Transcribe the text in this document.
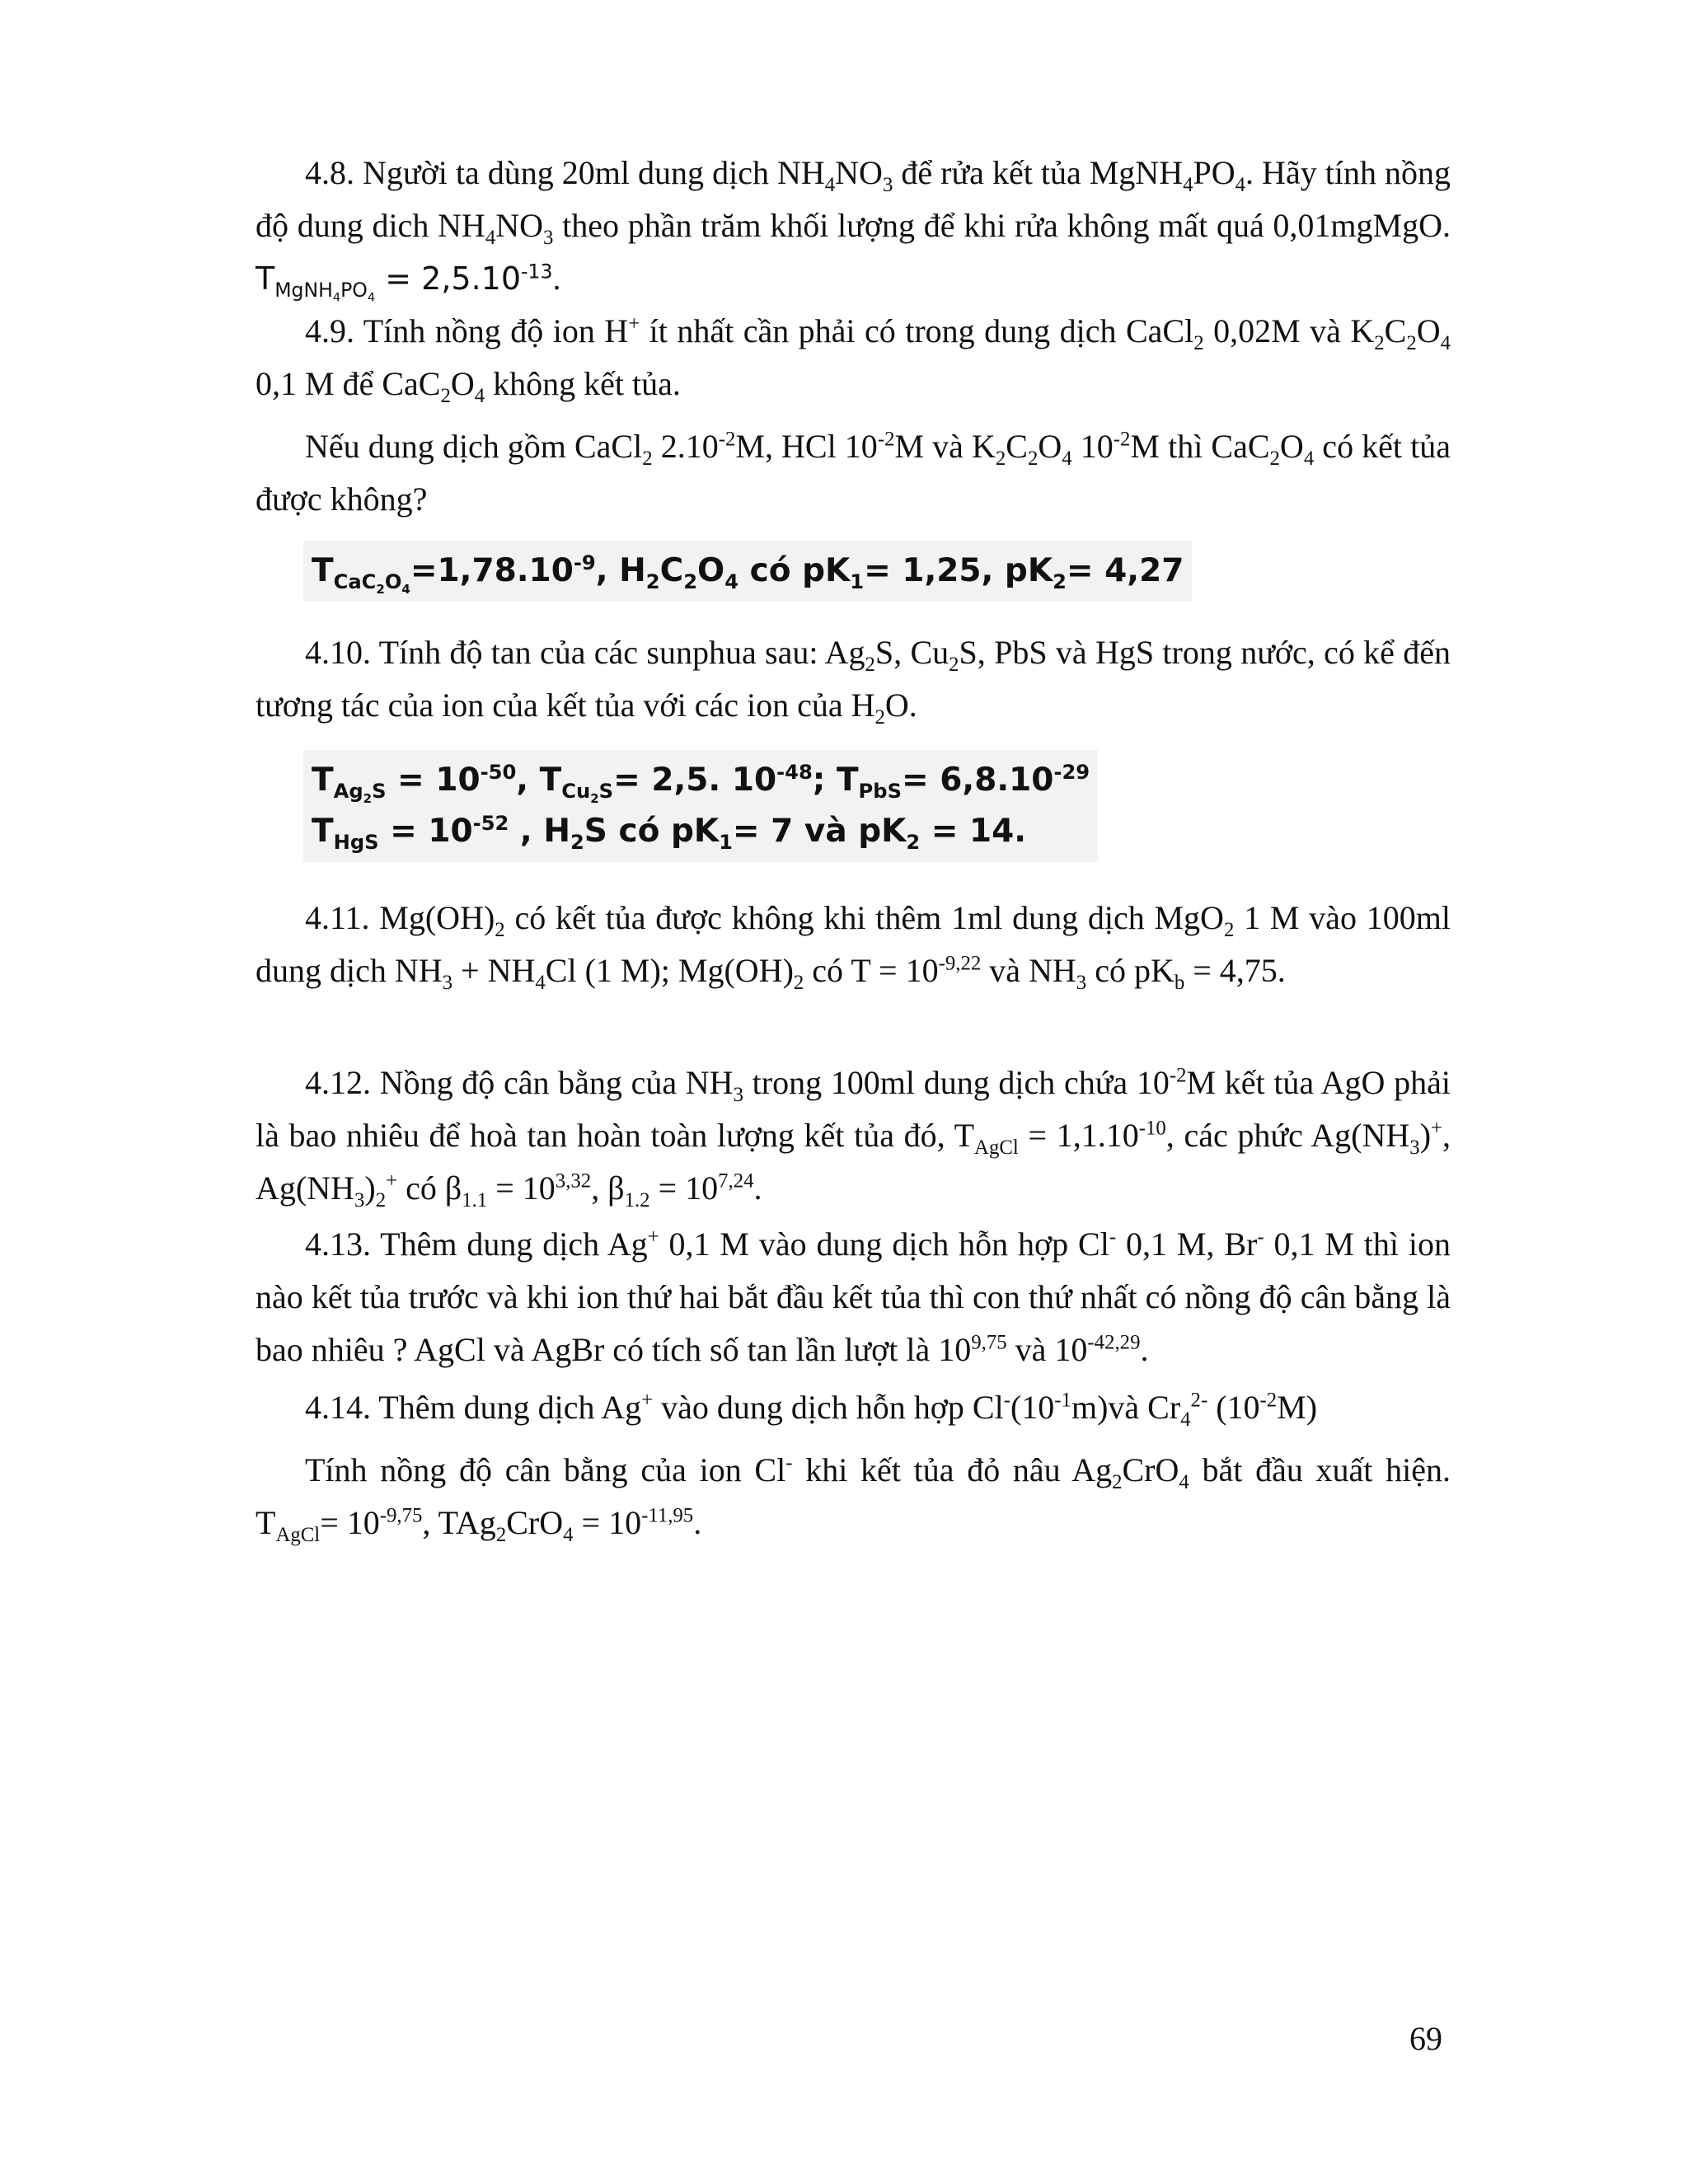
4.8. Người ta dùng 20ml dung dịch $NH_4NO_3$ để rửa kết tủa $MgNH_4PO_4$. Hãy tính nồng độ dung dich $NH_4NO_3$ theo phần trăm khối lượng để khi rửa không mất quá 0,01mgMgO. $T_{MgNH_4PO_4} = 2,5.10^{-13}$.
4.9. Tính nồng độ ion H+ ít nhất cần phải có trong dung dịch CaCl$_2$ 0,02M và $K_2C_2O_4$ 0,1 M để $CaC_2O_4$ không kết tủa.
Nếu dung dịch gồm CaCl$_2$ $2.10^{-2}M$, HCl $10^{-2}M$ và $K_2C_2O_4$ $10^{-2}M$ thì $CaC_2O_4$ có kết tủa được không?
$T_{CaC_2O_4}=1,78.10^{-9}$, $H_2C_2O_4$ có $pK_1= 1,25$, $pK_2= 4,27$
4.10. Tính độ tan của các sunphua sau: $Ag_2S$, $Cu_2S$, PbS và HgS trong nước, có kể đến tương tác của ion của kết tủa với các ion của $H_2O$.
$T_{Ag_2S} = 10^{-50}$, $T_{Cu_2S}= 2,5$. $10^{-48}$; $T_{PbS}= 6,8.10^{-29}$
$T_{HgS} = 10^{-52}$ , $H_2S$ có $pK_1= 7$ và $pK_2 = 14$.
4.11. $Mg(OH)_2$ có kết tủa được không khi thêm 1ml dung dịch MgO$_2$ 1 M vào 100ml dung dịch $NH_3 + NH_4Cl$ (1 M); $Mg(OH)_2$ có $T = 10^{-9,22}$ và $NH_3$ có $pK_b = 4,75$.
4.12. Nồng độ cân bằng của $NH_3$ trong 100ml dung dịch chứa $10^{-2}M$ kết tủa AgO phải là bao nhiêu để hoà tan hoàn toàn lượng kết tủa đó, $T_{AgCl} = 1,1.10^{-10}$, các phức $Ag(NH_3)^+$, $Ag(NH_3)_2^+$ có $\beta_{1.1} = 10^{3,32}$, $\beta_{1.2} = 10^{7,24}$.
4.13. Thêm dung dịch Ag+ 0,1 M vào dung dịch hỗn hợp Cl- 0,1 M, Br- 0,1 M thì ion nào kết tủa trước và khi ion thứ hai bắt đầu kết tủa thì con thứ nhất có nồng độ cân bằng là bao nhiêu ? AgCl và AgBr có tích số tan lần lượt là 10$^{9,75}$ và $10^{-42,29}$.
4.14. Thêm dung dịch Ag+ vào dung dịch hỗn hợp $Cl^-(10^{-1}m)và$ $Cr_4^{2-}$ $(10^{-2}M)$
Tính nồng độ cân bằng của ion Cl- khi kết tủa đỏ nâu $Ag_2CrO_4$ bắt đầu xuất hiện. $T_{AgCl}= 10^{-9,75}$, $TAg_2CrO_4 = 10^{-11,95}$.
69
